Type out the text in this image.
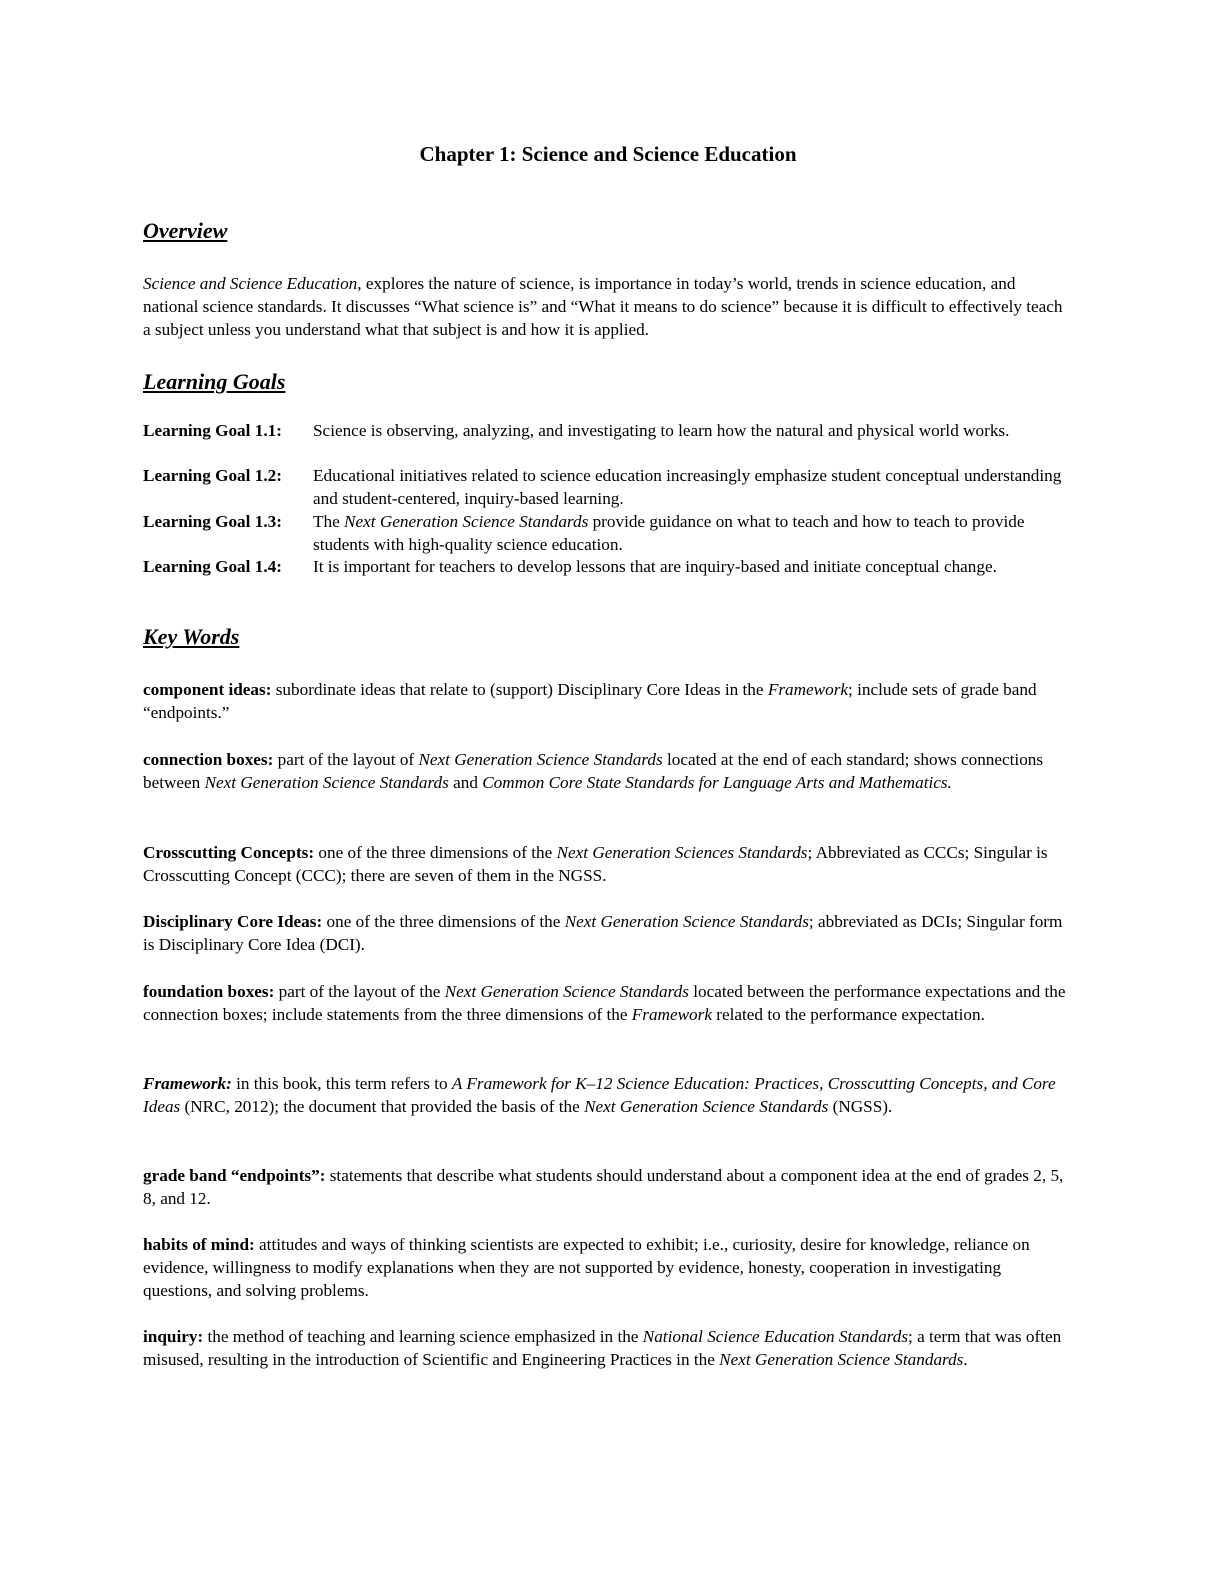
Chapter 1: Science and Science Education
Overview

Science and Science Education, explores the nature of science, is importance in today’s world, trends in science education, and national science standards. It discusses “What science is” and “What it means to do science” because it is difficult to effectively teach a subject unless you understand what that subject is and how it is applied.

Learning Goals
Learning Goal 1.1:	Science is observing, analyzing, and investigating to learn how the natural and physical world works.
Learning Goal 1.2:	Educational initiatives related to science education increasingly emphasize student conceptual understanding and student-centered, inquiry-based learning.
Learning Goal 1.3:	The Next Generation Science Standards provide guidance on what to teach and how to teach to provide students with high-quality science education.
Learning Goal 1.4:	It is important for teachers to develop lessons that are inquiry-based and initiate conceptual change.
Key Words

component ideas: subordinate ideas that relate to (support) Disciplinary Core Ideas in the Framework; include sets of grade band “endpoints.”

connection boxes: part of the layout of Next Generation Science Standards located at the end of each standard; shows connections between Next Generation Science Standards and Common Core State Standards for Language Arts and Mathematics.

Crosscutting Concepts: one of the three dimensions of the Next Generation Sciences Standards; Abbreviated as CCCs; Singular is Crosscutting Concept (CCC); there are seven of them in the NGSS.

Disciplinary Core Ideas: one of the three dimensions of the Next Generation Science Standards; abbreviated as DCIs; Singular form is Disciplinary Core Idea (DCI).

foundation boxes: part of the layout of the Next Generation Science Standards located between the performance expectations and the connection boxes; include statements from the three dimensions of the Framework related to the performance expectation.

Framework: in this book, this term refers to A Framework for K–12 Science Education: Practices, Crosscutting Concepts, and Core Ideas (NRC, 2012); the document that provided the basis of the Next Generation Science Standards (NGSS).

grade band “endpoints”: statements that describe what students should understand about a component idea at the end of grades 2, 5, 8, and 12.

habits of mind: attitudes and ways of thinking scientists are expected to exhibit; i.e., curiosity, desire for knowledge, reliance on evidence, willingness to modify explanations when they are not supported by evidence, honesty, cooperation in investigating questions, and solving problems.

inquiry: the method of teaching and learning science emphasized in the National Science Education Standards; a term that was often misused, resulting in the introduction of Scientific and Engineering Practices in the Next Generation Science Standards.
